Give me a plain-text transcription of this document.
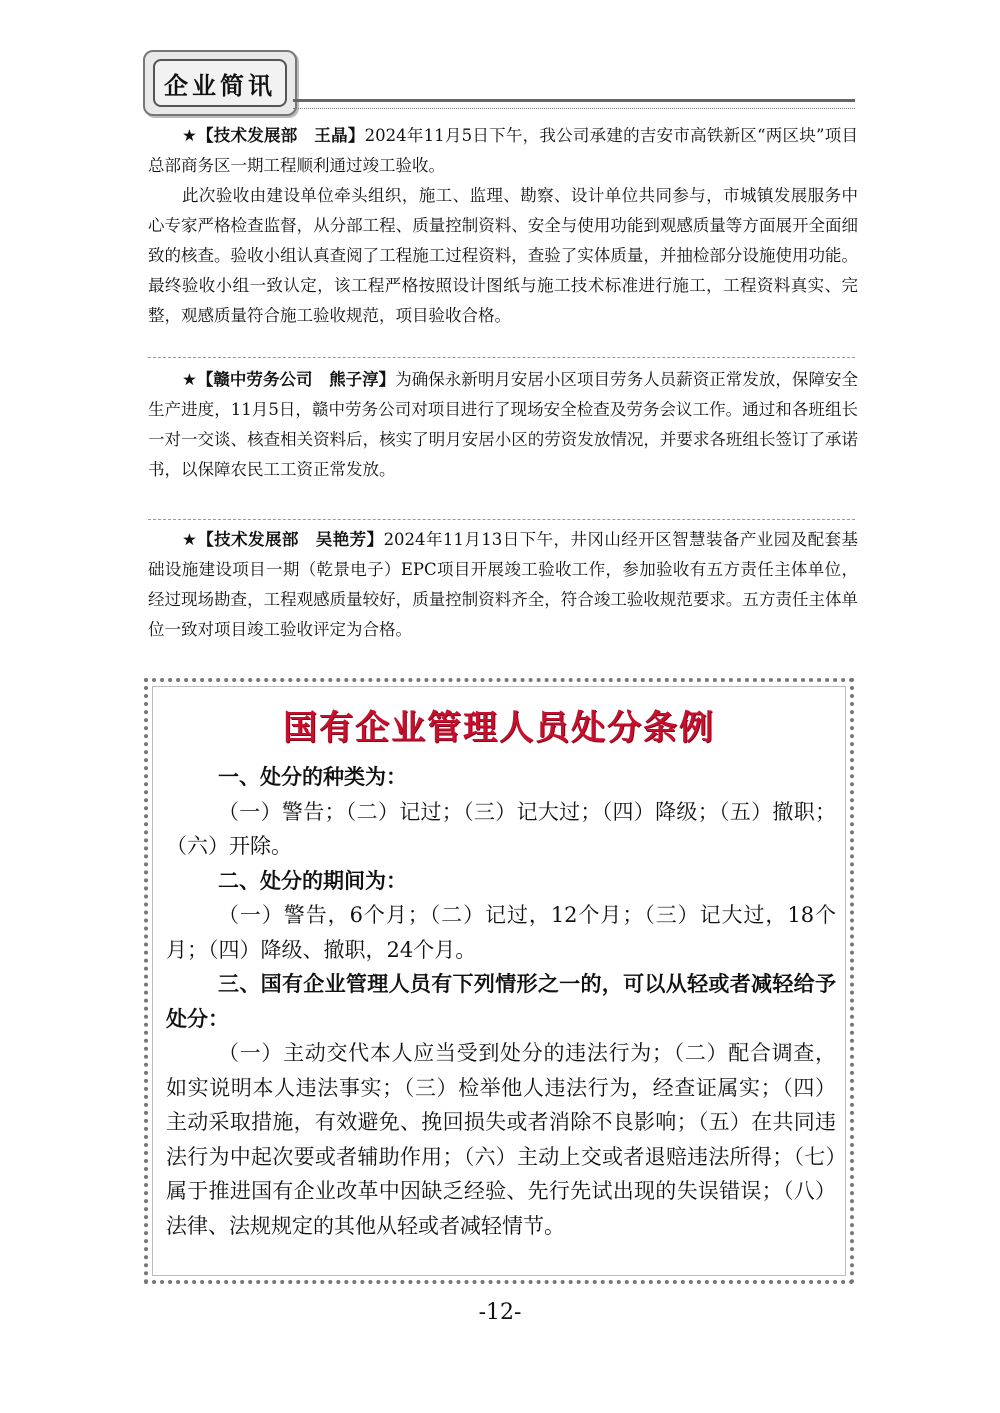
企业简讯

★【技术发展部　王晶】2024年11月5日下午，我公司承建的吉安市高铁新区“两区块”项目总部商务区一期工程顺利通过竣工验收。

此次验收由建设单位牵头组织，施工、监理、勘察、设计单位共同参与，市城镇发展服务中心专家严格检查监督，从分部工程、质量控制资料、安全与使用功能到观感质量等方面展开全面细致的核查。验收小组认真查阅了工程施工过程资料，查验了实体质量，并抽检部分设施使用功能。最终验收小组一致认定，该工程严格按照设计图纸与施工技术标准进行施工，工程资料真实、完整，观感质量符合施工验收规范，项目验收合格。

★【赣中劳务公司　熊子淳】为确保永新明月安居小区项目劳务人员薪资正常发放，保障安全生产进度，11月5日，赣中劳务公司对项目进行了现场安全检查及劳务会议工作。通过和各班组长一对一交谈、核查相关资料后，核实了明月安居小区的劳资发放情况，并要求各班组长签订了承诺书，以保障农民工工资正常发放。

★【技术发展部　吴艳芳】2024年11月13日下午，井冈山经开区智慧装备产业园及配套基础设施建设项目一期（乾景电子）EPC项目开展竣工验收工作，参加验收有五方责任主体单位，经过现场勘查，工程观感质量较好，质量控制资料齐全，符合竣工验收规范要求。五方责任主体单位一致对项目竣工验收评定为合格。

国有企业管理人员处分条例

一、处分的种类为：

（一）警告；（二）记过；（三）记大过；（四）降级；（五）撤职；（六）开除。

二、处分的期间为：

（一）警告，6个月；（二）记过，12个月；（三）记大过，18个月；（四）降级、撤职，24个月。

三、国有企业管理人员有下列情形之一的，可以从轻或者减轻给予处分：

（一）主动交代本人应当受到处分的违法行为；（二）配合调查，如实说明本人违法事实；（三）检举他人违法行为，经查证属实；（四）主动采取措施，有效避免、挽回损失或者消除不良影响；（五）在共同违法行为中起次要或者辅助作用；（六）主动上交或者退赔违法所得；（七）属于推进国有企业改革中因缺乏经验、先行先试出现的失误错误；（八）法律、法规规定的其他从轻或者减轻情节。

-12-
